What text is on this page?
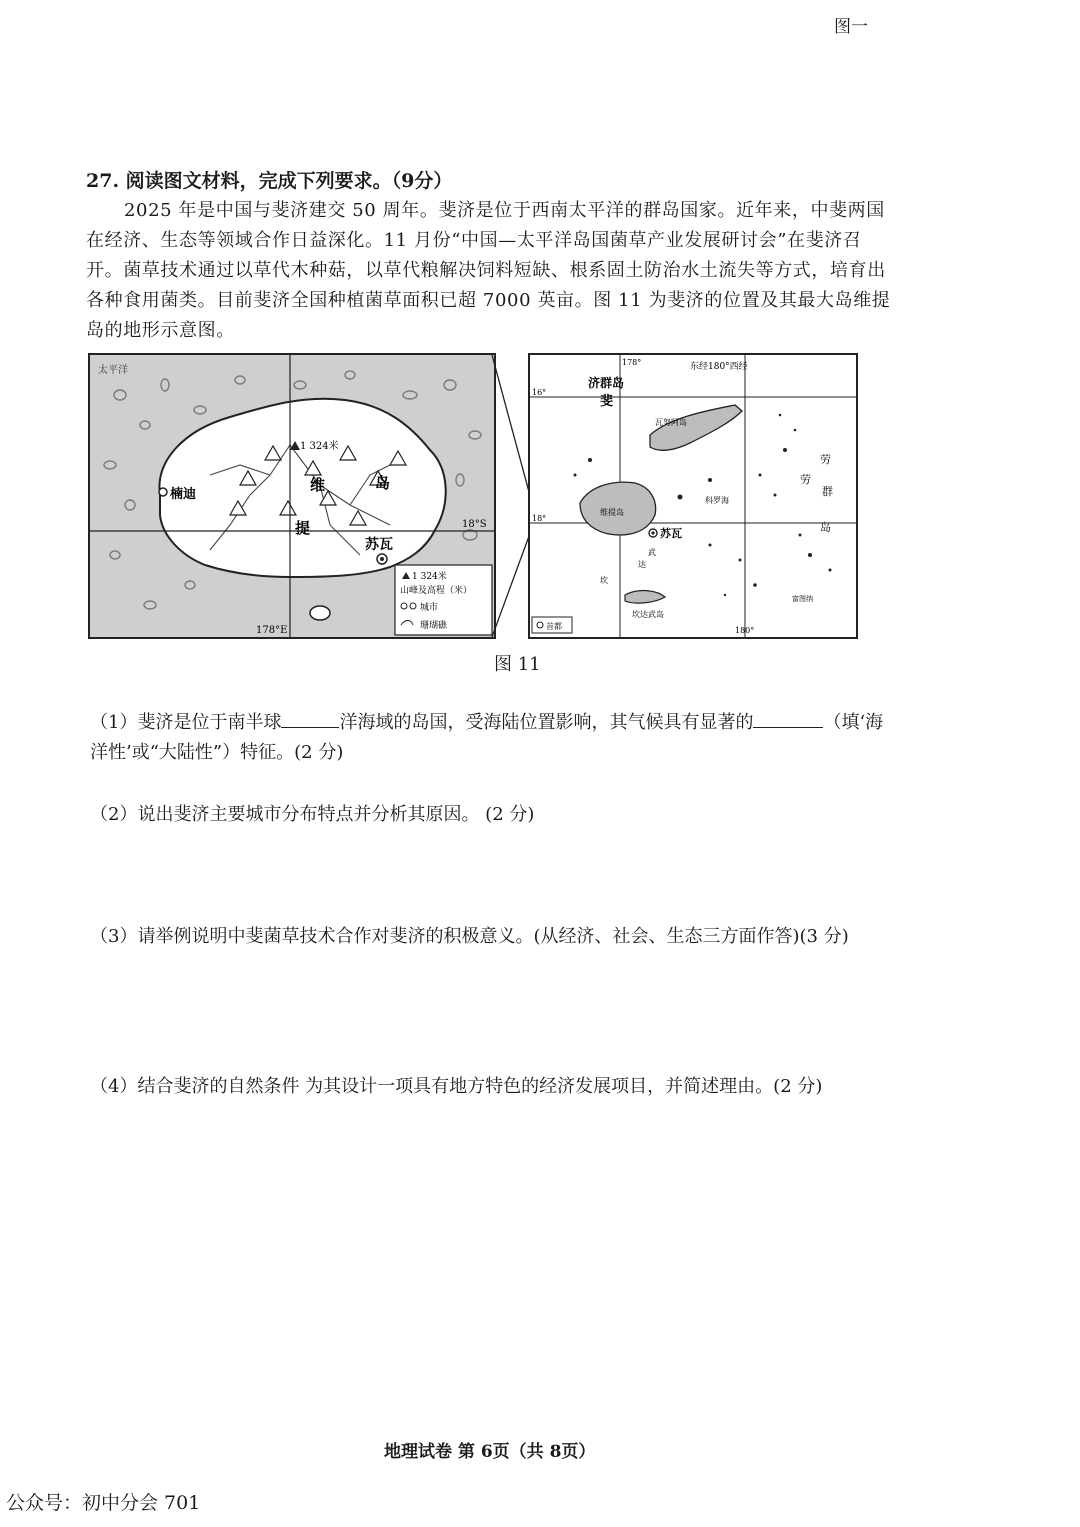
图一
27. 阅读图文材料，完成下列要求。（9分）
2025 年是中国与斐济建交 50 周年。斐济是位于西南太平洋的群岛国家。近年来，中斐两国在经济、生态等领域合作日益深化。11 月份“中国—太平洋岛国菌草产业发展研讨会”在斐济召开。菌草技术通过以草代木种菇，以草代粮解决饲料短缺、根系固土防治水土流失等方式，培育出各种食用菌类。目前斐济全国种植菌草面积已超 7000 英亩。图 11 为斐济的位置及其最大岛维提岛的地形示意图。
1 324米
太平洋
维
提
岛
楠迪
苏瓦
18°S
178°E
1 324米
山峰及高程（米）
城市
珊瑚礁
178°
180°
16°
18°
东经180°西经
斐
济群岛
瓦努阿岛
维提岛
苏瓦
科罗海
劳
群
岛
劳
坎达武岛
坎
达
武
富图纳
首都
图 11
（1）斐济是位于南半球	洋海域的岛国，受海陆位置影响，其气候具有显著的	（填‘海洋性’或“大陆性”）特征。(2 分)
（2）说出斐济主要城市分布特点并分析其原因。 (2 分)
（3）请举例说明中斐菌草技术合作对斐济的积极意义。(从经济、社会、生态三方面作答)(3 分)
（4）结合斐济的自然条件 为其设计一项具有地方特色的经济发展项目，并简述理由。(2 分)
地理试卷 第 6页（共 8页）
公众号：初中分会 701
